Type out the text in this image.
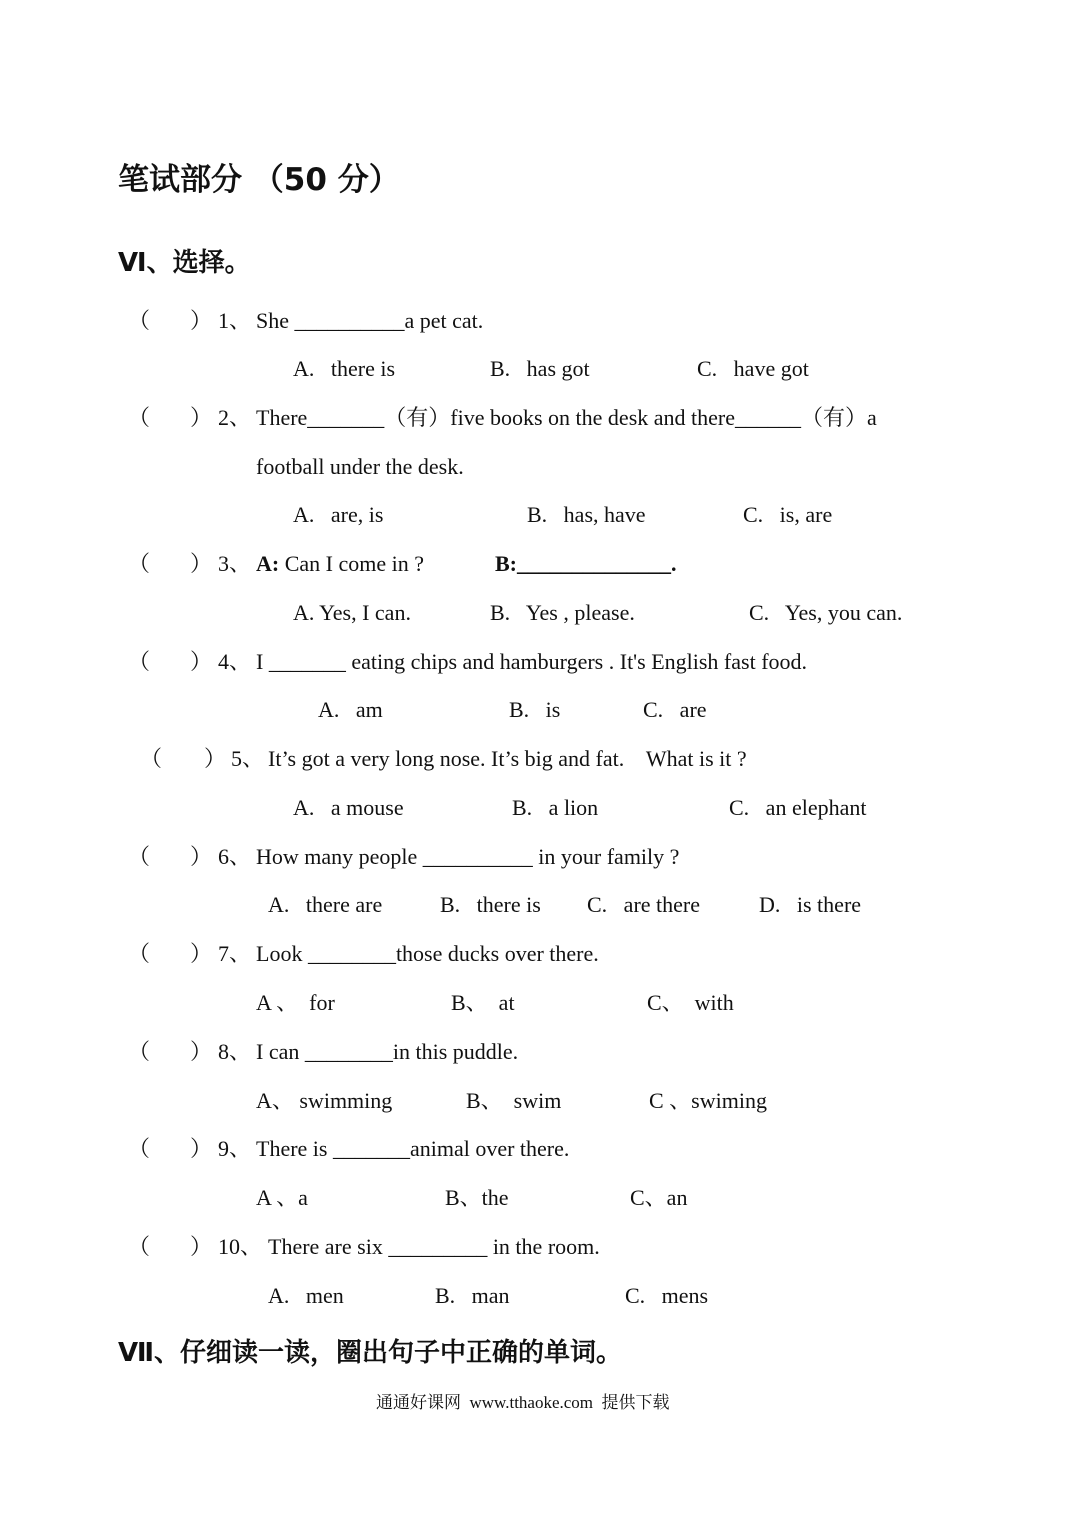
笔试部分 （50 分）
Ⅵ、选择。
（ ） 1、 She __________a pet cat.
A.   there is	B.   has got	C.   have got
（ ） 2、 There_______（有）five books on the desk and there______（有）a
football under the desk.
A.   are, is	B.   has, have	C.   is, are
（ ） 3、 A: Can I come in ?	B:______________.
A. Yes, I can.	B.   Yes , please.	C.   Yes, you can.
（ ） 4、 I _______ eating chips and hamburgers . It's English fast food.
A.   am	B.   is	C.   are
（ ） 5、 It’s got a very long nose. It’s big and fat.    What is it ?
A.   a mouse	B.   a lion	C.   an elephant
（ ） 6、 How many people __________ in your family ?
A.   there are	B.   there is C.   are there	D.   is there
（ ） 7、 Look ________those ducks over there.
A 、  for	B、  at	C、  with
（ ） 8、 I can ________in this puddle.
A、 swimming	B、  swim	C 、swiming
（ ） 9、 There is _______animal over there.
A 、a	B、the	C、an
（ ） 10、 There are six _________ in the room.
A.   men	B.   man	C.   mens
Ⅶ、仔细读一读，圈出句子中正确的单词。
通通好课网  www.tthaoke.com  提供下载
